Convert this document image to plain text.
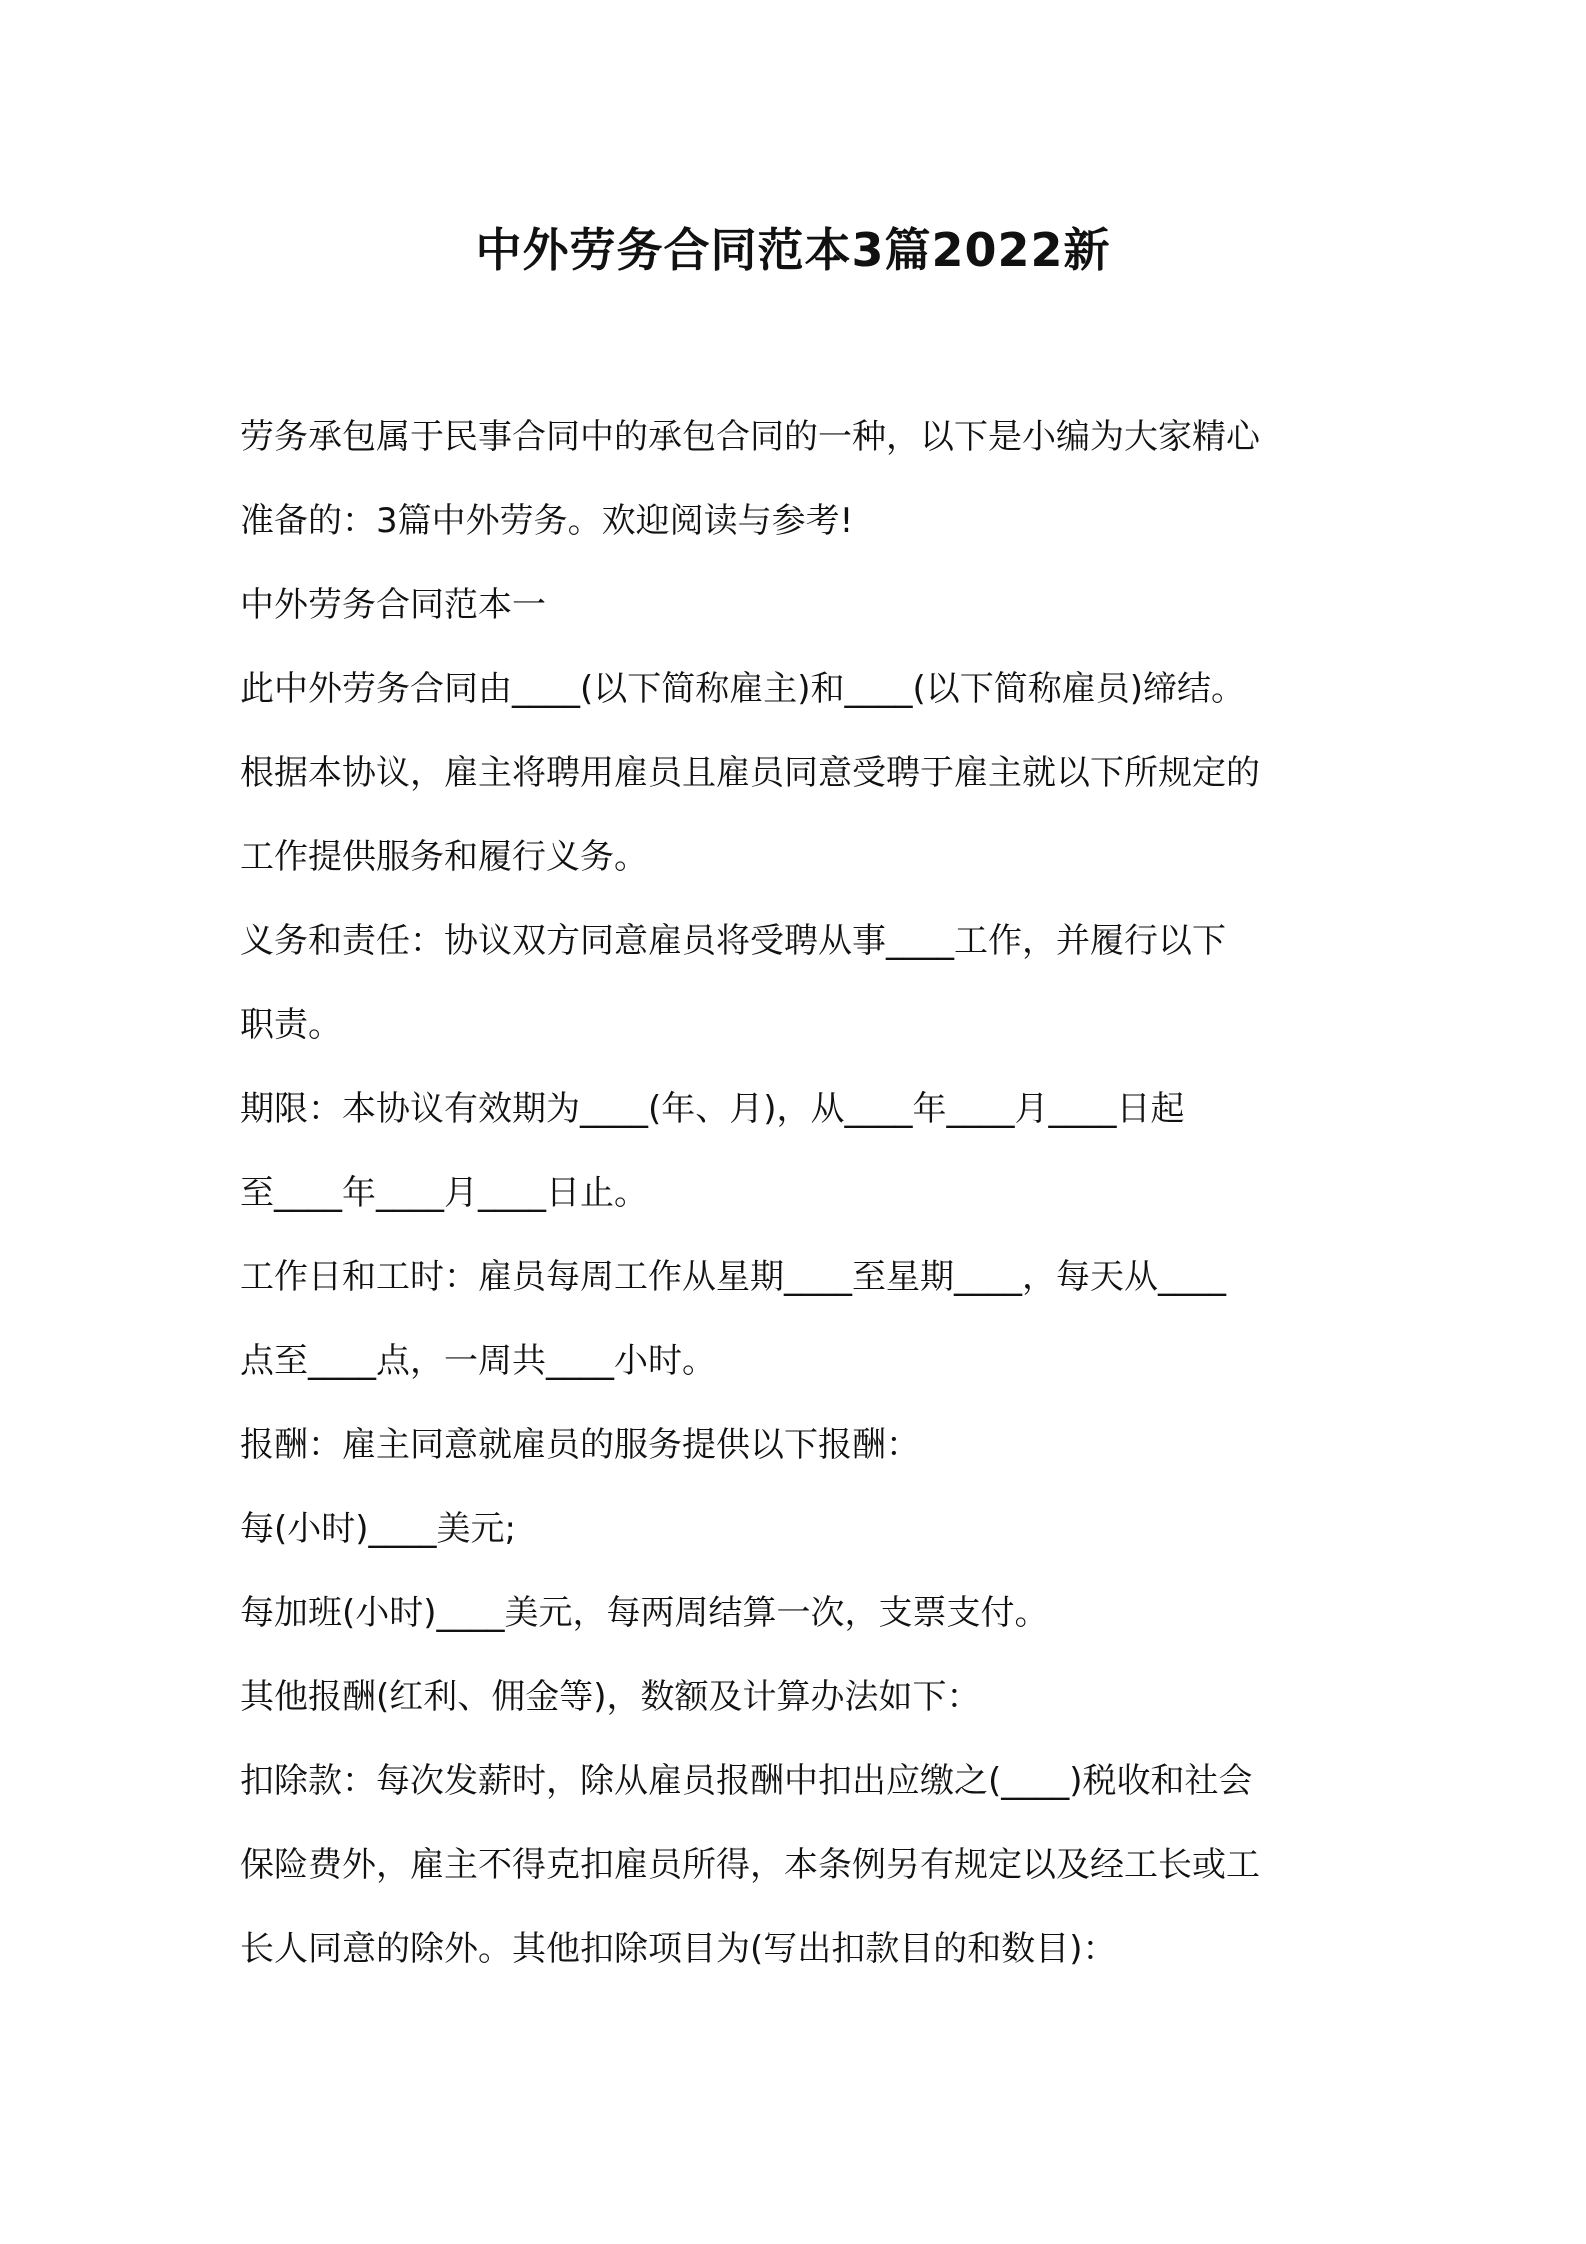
中外劳务合同范本3篇2022新
劳务承包属于民事合同中的承包合同的一种，以下是小编为大家精心
准备的：3篇中外劳务。欢迎阅读与参考!
中外劳务合同范本一
此中外劳务合同由____(以下简称雇主)和____(以下简称雇员)缔结。
根据本协议，雇主将聘用雇员且雇员同意受聘于雇主就以下所规定的
工作提供服务和履行义务。
义务和责任：协议双方同意雇员将受聘从事____工作，并履行以下
职责。
期限：本协议有效期为____(年、月)，从____年____月____日起
至____年____月____日止。
工作日和工时：雇员每周工作从星期____至星期____，每天从____
点至____点，一周共____小时。
报酬：雇主同意就雇员的服务提供以下报酬：
每(小时)____美元;
每加班(小时)____美元，每两周结算一次，支票支付。
其他报酬(红利、佣金等)，数额及计算办法如下：
扣除款：每次发薪时，除从雇员报酬中扣出应缴之(____)税收和社会
保险费外，雇主不得克扣雇员所得，本条例另有规定以及经工长或工
长人同意的除外。其他扣除项目为(写出扣款目的和数目)：
